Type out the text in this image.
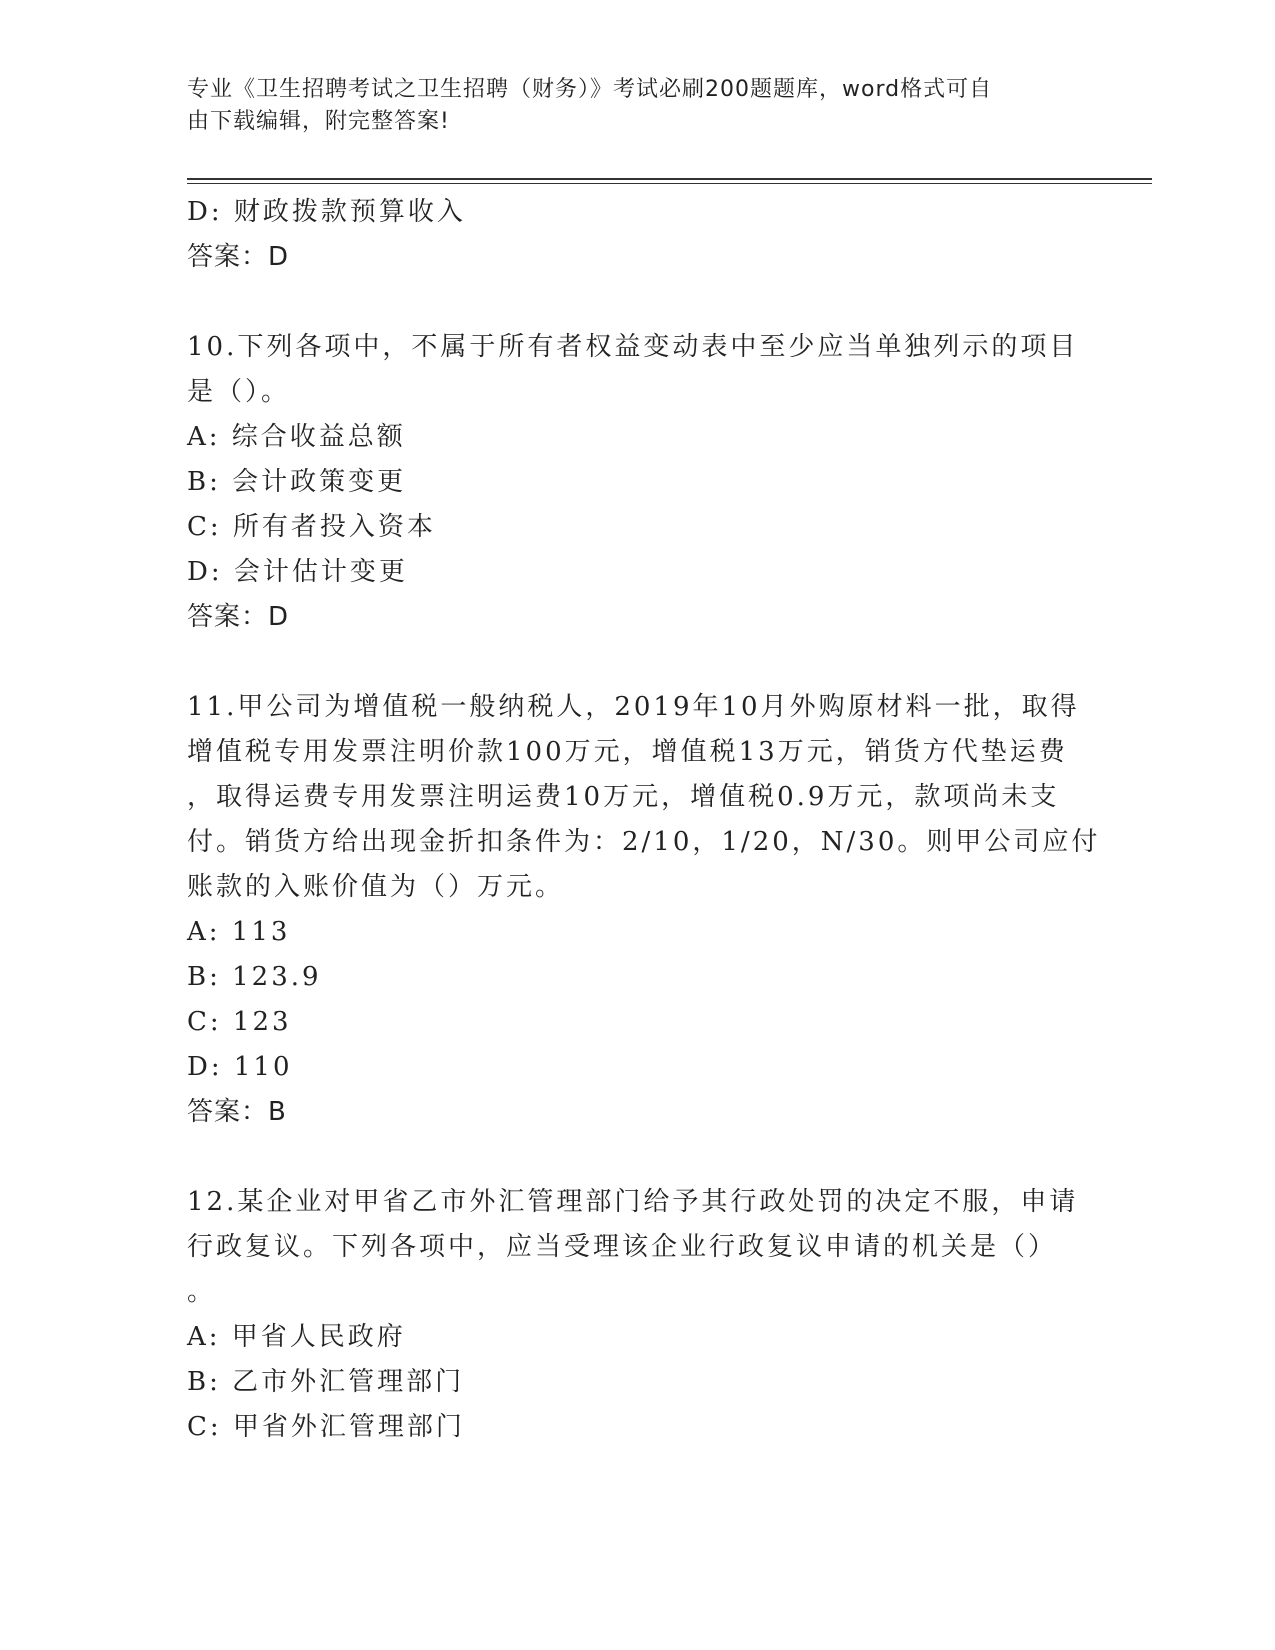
专业《卫生招聘考试之卫生招聘（财务）》考试必刷200题题库，word格式可自
由下载编辑，附完整答案!
D: 财政拨款预算收入
答案：D
10.下列各项中，不属于所有者权益变动表中至少应当单独列示的项目
是（）。
A: 综合收益总额
B: 会计政策变更
C: 所有者投入资本
D: 会计估计变更
答案：D
11.甲公司为增值税一般纳税人，2019年10月外购原材料一批，取得
增值税专用发票注明价款100万元，增值税13万元，销货方代垫运费
，取得运费专用发票注明运费10万元，增值税0.9万元，款项尚未支
付。销货方给出现金折扣条件为：2/10，1/20，N/30。则甲公司应付
账款的入账价值为（）万元。
A: 113
B: 123.9
C: 123
D: 110
答案：B
12.某企业对甲省乙市外汇管理部门给予其行政处罚的决定不服，申请
行政复议。下列各项中，应当受理该企业行政复议申请的机关是（）
。
A: 甲省人民政府
B: 乙市外汇管理部门
C: 甲省外汇管理部门
